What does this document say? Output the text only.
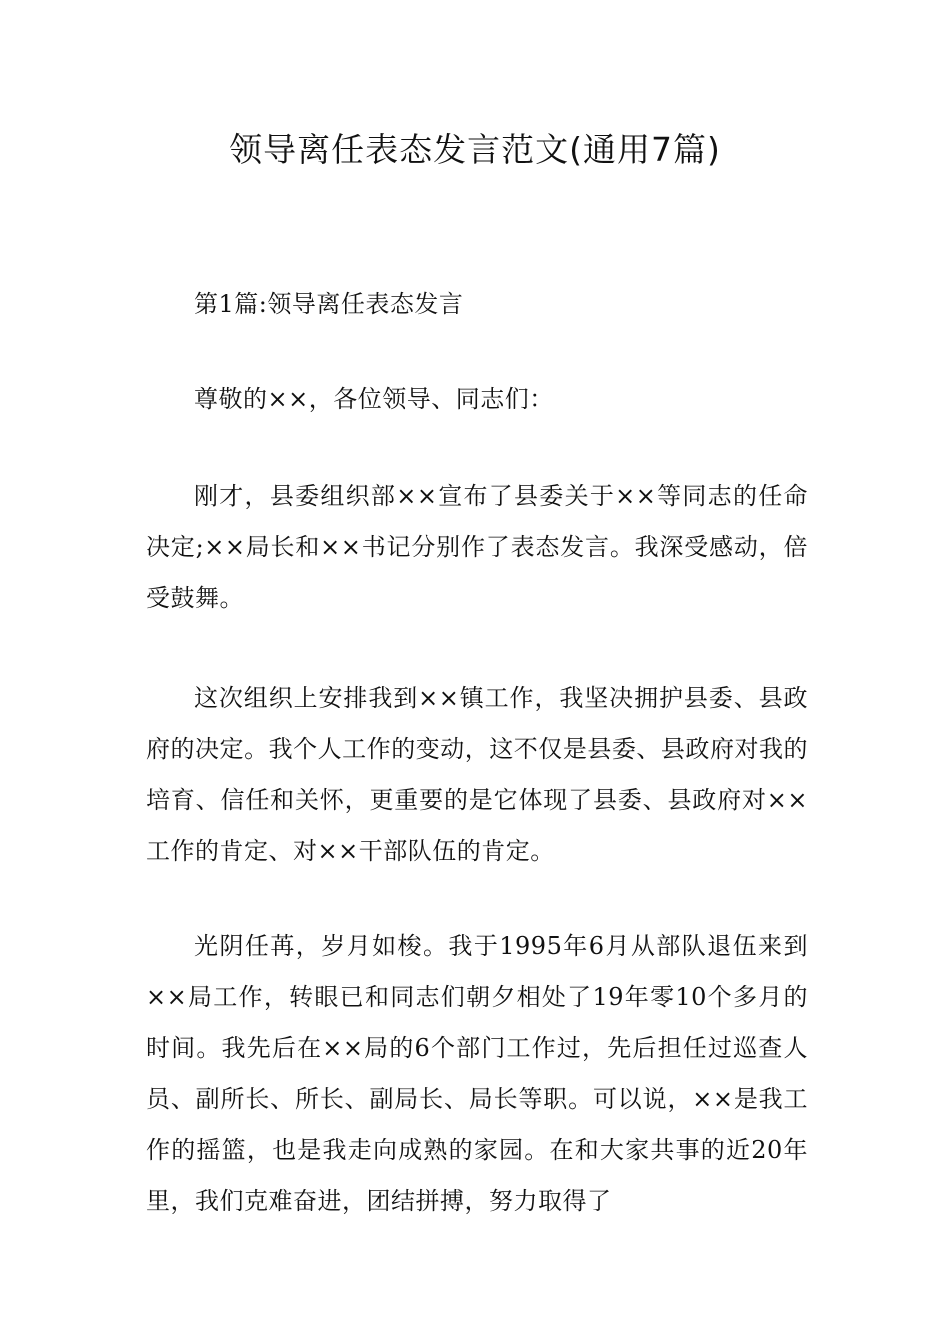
领导离任表态发言范文(通用7篇)

第1篇:领导离任表态发言

尊敬的××，各位领导、同志们：

刚才，县委组织部××宣布了县委关于××等同志的任命决定;××局长和××书记分别作了表态发言。我深受感动，倍受鼓舞。

这次组织上安排我到××镇工作，我坚决拥护县委、县政府的决定。我个人工作的变动，这不仅是县委、县政府对我的培育、信任和关怀，更重要的是它体现了县委、县政府对××工作的肯定、对××干部队伍的肯定。

光阴任苒，岁月如梭。我于1995年6月从部队退伍来到××局工作，转眼已和同志们朝夕相处了19年零10个多月的时间。我先后在××局的6个部门工作过，先后担任过巡查人员、副所长、所长、副局长、局长等职。可以说，××是我工作的摇篮，也是我走向成熟的家园。在和大家共事的近20年里，我们克难奋进，团结拼搏，努力取得了
